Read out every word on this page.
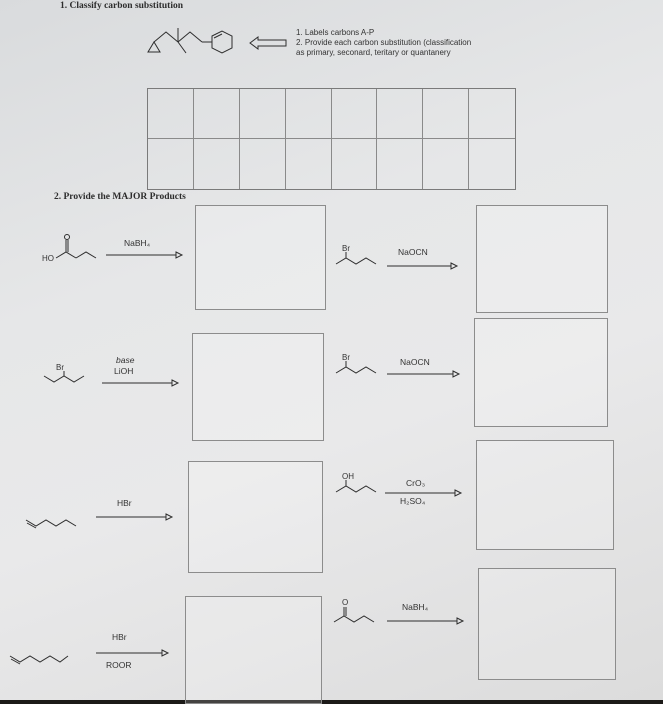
1. Classify carbon substitution
1. Labels carbons A-P
2. Provide each carbon substitution (classification
as primary, seconard, teritary or quantanery
2. Provide the MAJOR Products
HO
NaBH₄
Br
base
LiOH
HBr
HBr
ROOR
Br	NaOCN
Br	NaOCN
OH
CrO₃
H₂SO₄
O	NaBH₄
